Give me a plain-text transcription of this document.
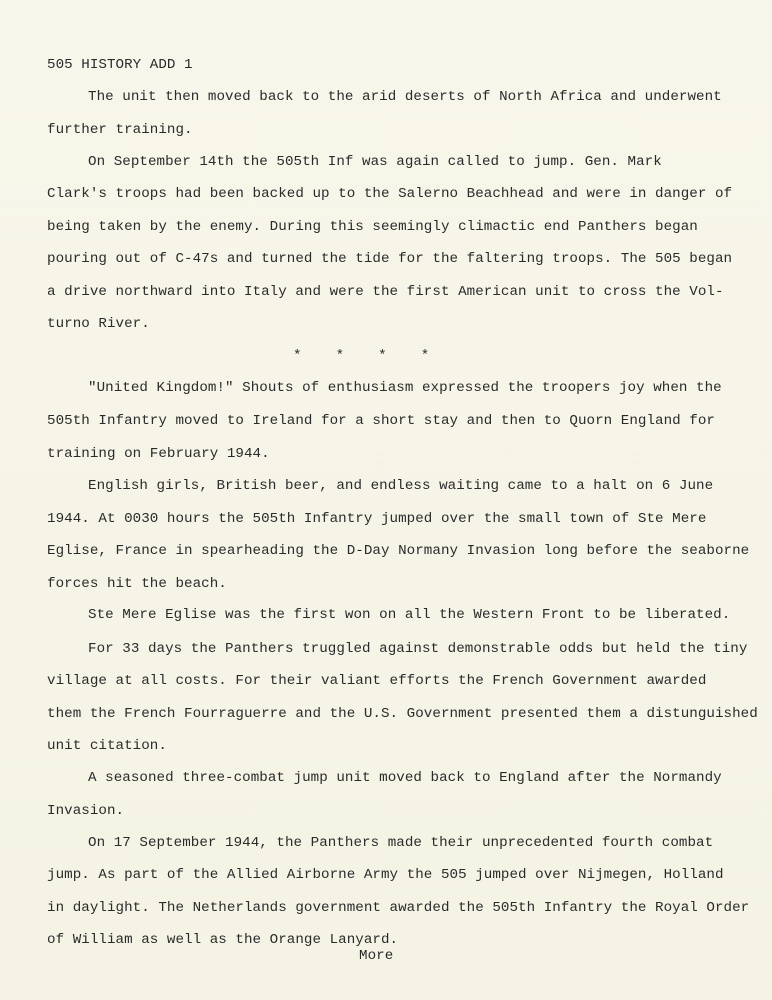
505 HISTORY ADD 1
The unit then moved back to the arid deserts of North Africa and underwent
further training.
On September 14th the 505th Inf was again called to jump. Gen. Mark
Clark's troops had been backed up to the Salerno Beachhead and were in danger of
being taken by the enemy. During this seemingly climactic end Panthers began
pouring out of C-47s and turned the tide for the faltering troops. The 505 began
a drive northward into Italy and were the first American unit to cross the Vol-
turno River.
*    *    *    *
"United Kingdom!" Shouts of enthusiasm expressed the troopers joy when the
505th Infantry moved to Ireland for a short stay and then to Quorn England for
training on February 1944.
English girls, British beer, and endless waiting came to a halt on 6 June
1944. At 0030 hours the 505th Infantry jumped over the small town of Ste Mere
Eglise, France in spearheading the D-Day Normany Invasion long before the seaborne
forces hit the beach.
Ste Mere Eglise was the first won on all the Western Front to be liberated.
For 33 days the Panthers truggled against demonstrable odds but held the tiny
village at all costs. For their valiant efforts the French Government awarded
them the French Fourraguerre and the U.S. Government presented them a distunguished
unit citation.
A seasoned three-combat jump unit moved back to England after the Normandy
Invasion.
On 17 September 1944, the Panthers made their unprecedented fourth combat
jump. As part of the Allied Airborne Army the 505 jumped over Nijmegen, Holland
in daylight. The Netherlands government awarded the 505th Infantry the Royal Order
of William as well as the Orange Lanyard.
More
